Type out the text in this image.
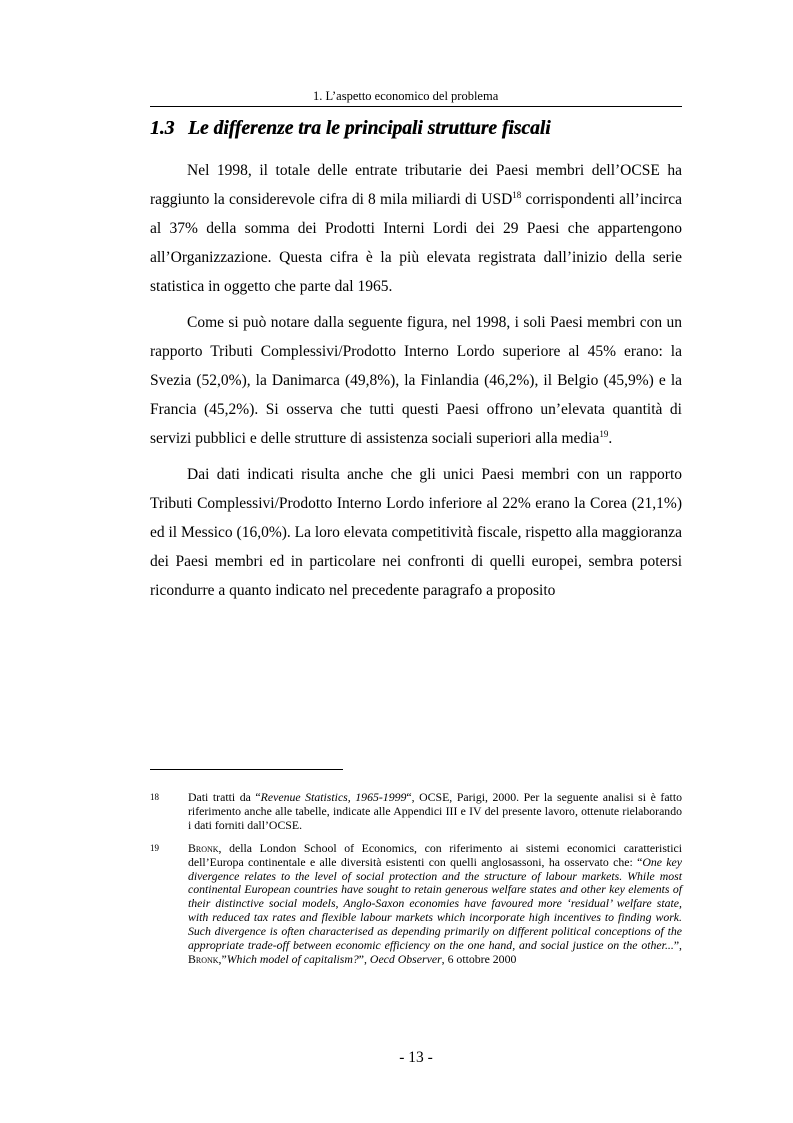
1. L’aspetto economico del problema
1.3 Le differenze tra le principali strutture fiscali

Nel 1998, il totale delle entrate tributarie dei Paesi membri dell’OCSE ha raggiunto la considerevole cifra di 8 mila miliardi di USD$^{18}$ corrispondenti all’incirca al 37% della somma dei Prodotti Interni Lordi dei 29 Paesi che appartengono all’Organizzazione. Questa cifra è la più elevata registrata dall’inizio della serie statistica in oggetto che parte dal 1965.

Come si può notare dalla seguente figura, nel 1998, i soli Paesi membri con un rapporto Tributi Complessivi/Prodotto Interno Lordo superiore al 45% erano: la Svezia (52,0%), la Danimarca (49,8%), la Finlandia (46,2%), il Belgio (45,9%) e la Francia (45,2%). Si osserva che tutti questi Paesi offrono un’elevata quantità di servizi pubblici e delle strutture di assistenza sociali superiori alla media$^{19}$.

Dai dati indicati risulta anche che gli unici Paesi membri con un rapporto Tributi Complessivi/Prodotto Interno Lordo inferiore al 22% erano la Corea (21,1%) ed il Messico (16,0%). La loro elevata competitività fiscale, rispetto alla maggioranza dei Paesi membri ed in particolare nei confronti di quelli europei, sembra potersi ricondurre a quanto indicato nel precedente paragrafo a proposito

18	Dati tratti da “Revenue Statistics, 1965-1999“, OCSE, Parigi, 2000. Per la seguente analisi si è fatto riferimento anche alle tabelle, indicate alle Appendici III e IV del presente lavoro, ottenute rielaborando i dati forniti dall’OCSE.
19	Bronk, della London School of Economics, con riferimento ai sistemi economici caratteristici dell’Europa continentale e alle diversità esistenti con quelli anglosassoni, ha osservato che: “One key divergence relates to the level of social protection and the structure of labour markets. While most continental European countries have sought to retain generous welfare states and other key elements of their distinctive social models, Anglo-Saxon economies have favoured more ‘residual’ welfare state, with reduced tax rates and flexible labour markets which incorporate high incentives to finding work. Such divergence is often characterised as depending primarily on different political conceptions of the appropriate trade-off between economic efficiency on the one hand, and social justice on the other...”, Bronk,”Which model of capitalism?”, Oecd Observer, 6 ottobre 2000
- 13 -
